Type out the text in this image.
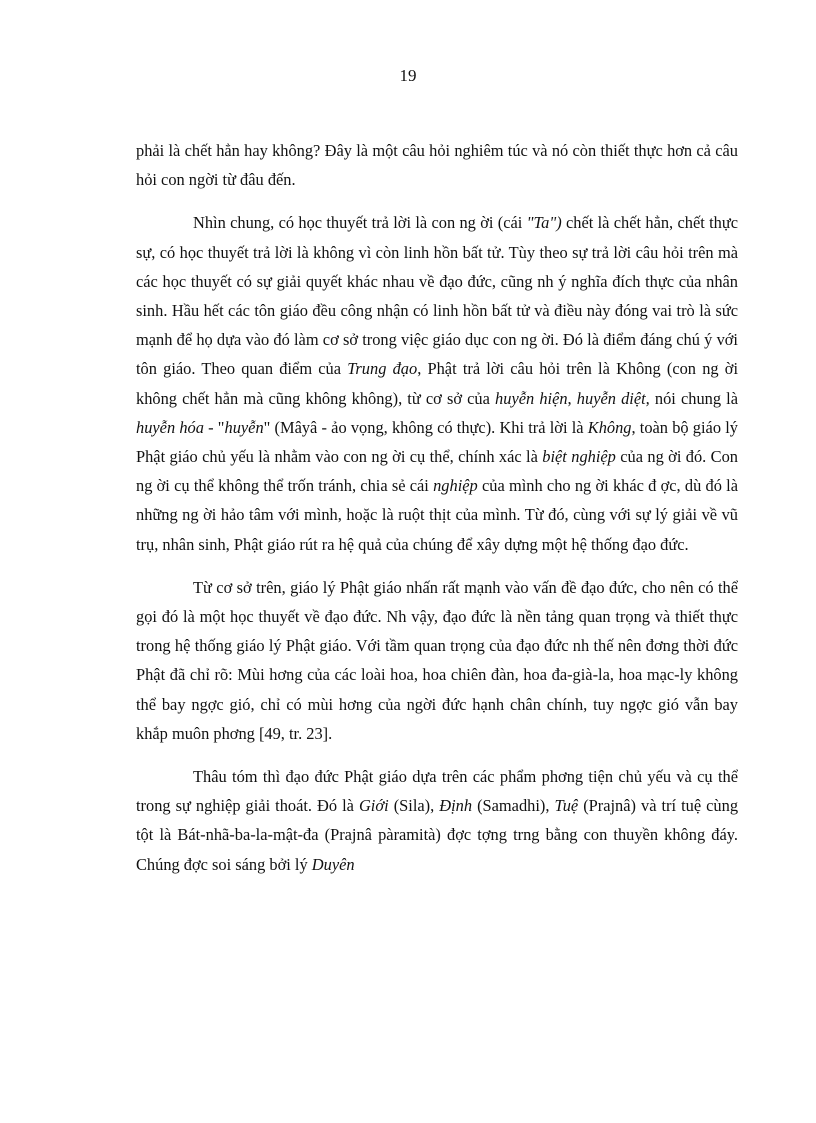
19

phải là chết hẳn hay không? Đây là một câu hỏi nghiêm túc và nó còn thiết thực hơn cả câu hỏi con ngời từ đâu đến.

Nhìn chung, có học thuyết trả lời là con ng ời (cái "Ta") chết là chết hẳn, chết thực sự, có học thuyết trả lời là không vì còn linh hồn bất tử. Tùy theo sự trả lời câu hỏi trên mà các học thuyết có sự giải quyết khác nhau về đạo đức, cũng nh ý nghĩa đích thực của nhân sinh. Hầu hết các tôn giáo đều công nhận có linh hồn bất tử và điều này đóng vai trò là sức mạnh để họ dựa vào đó làm cơ sở trong việc giáo dục con ng ời. Đó là điểm đáng chú ý với tôn giáo. Theo quan điểm của Trung đạo, Phật trả lời câu hỏi trên là Không (con ng ời không chết hẳn mà cũng không không), từ cơ sở của huyễn hiện, huyễn diệt, nói chung là huyễn hóa - "huyễn" (Mâyâ - ảo vọng, không có thực). Khi trả lời là Không, toàn bộ giáo lý Phật giáo chủ yếu là nhằm vào con ng ời cụ thể, chính xác là biệt nghiệp của ng ời đó. Con ng ời cụ thể không thể trốn tránh, chia sẻ cái nghiệp của mình cho ng ời khác đ ợc, dù đó là những ng ời hảo tâm với mình, hoặc là ruột thịt của mình. Từ đó, cùng với sự lý giải về vũ trụ, nhân sinh, Phật giáo rút ra hệ quả của chúng để xây dựng một hệ thống đạo đức.

Từ cơ sở trên, giáo lý Phật giáo nhấn rất mạnh vào vấn đề đạo đức, cho nên có thể gọi đó là một học thuyết về đạo đức. Nh vậy, đạo đức là nền tảng quan trọng và thiết thực trong hệ thống giáo lý Phật giáo. Với tầm quan trọng của đạo đức nh thế nên đơng thời đức Phật đã chỉ rõ: Mùi hơng của các loài hoa, hoa chiên đàn, hoa đa-già-la, hoa mạc-ly không thể bay ngợc gió, chỉ có mùi hơng của ngời đức hạnh chân chính, tuy ngợc gió vẫn bay khắp muôn phơng [49, tr. 23].

Thâu tóm thì đạo đức Phật giáo dựa trên các phẩm phơng tiện chủ yếu và cụ thể trong sự nghiệp giải thoát. Đó là Giới (Sila), Định (Samadhi), Tuệ (Prajnâ) và trí tuệ cùng tột là Bát-nhã-ba-la-mật-đa (Prajnâ pàramità) đợc tợng trng bằng con thuyền không đáy. Chúng đợc soi sáng bởi lý Duyên
